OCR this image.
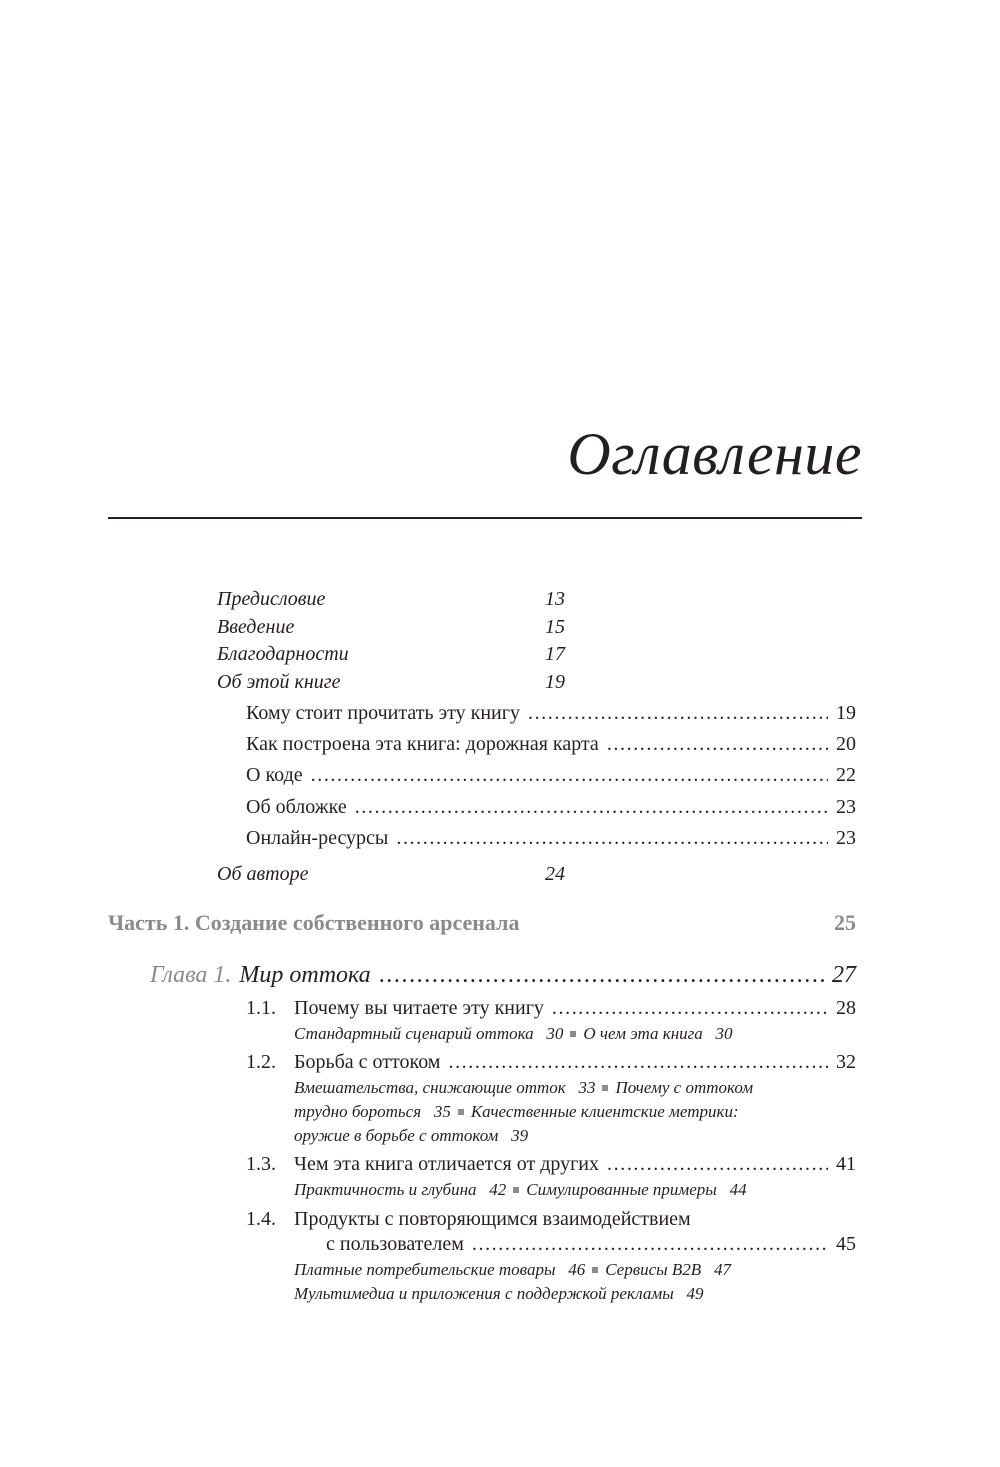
Оглавление
Предисловие	13
Введение	15
Благодарности	17
Об этой книге	19
Кому стоит прочитать эту книгу .....	19
Как построена эта книга: дорожная карта .....	20
О коде .....	22
Об обложке .....	23
Онлайн-ресурсы .....	23
Об авторе	24
Часть 1. Создание собственного арсенала	25
Глава 1. Мир оттока .....	27
1.1. Почему вы читаете эту книгу .....	28
Стандартный сценарий оттока 30 О чем эта книга 30
1.2. Борьба с оттоком .....	32
Вмешательства, снижающие отток 33 Почему с оттоком
трудно бороться 35 Качественные клиентские метрики:
оружие в борьбе с оттоком 39
1.3. Чем эта книга отличается от других .....	41
Практичность и глубина 42 Симулированные примеры 44
1.4. Продукты с повторяющимся взаимодействием
с пользователем .....	45
Платные потребительские товары 46 Сервисы B2B 47
Мультимедиа и приложения с поддержкой рекламы 49
